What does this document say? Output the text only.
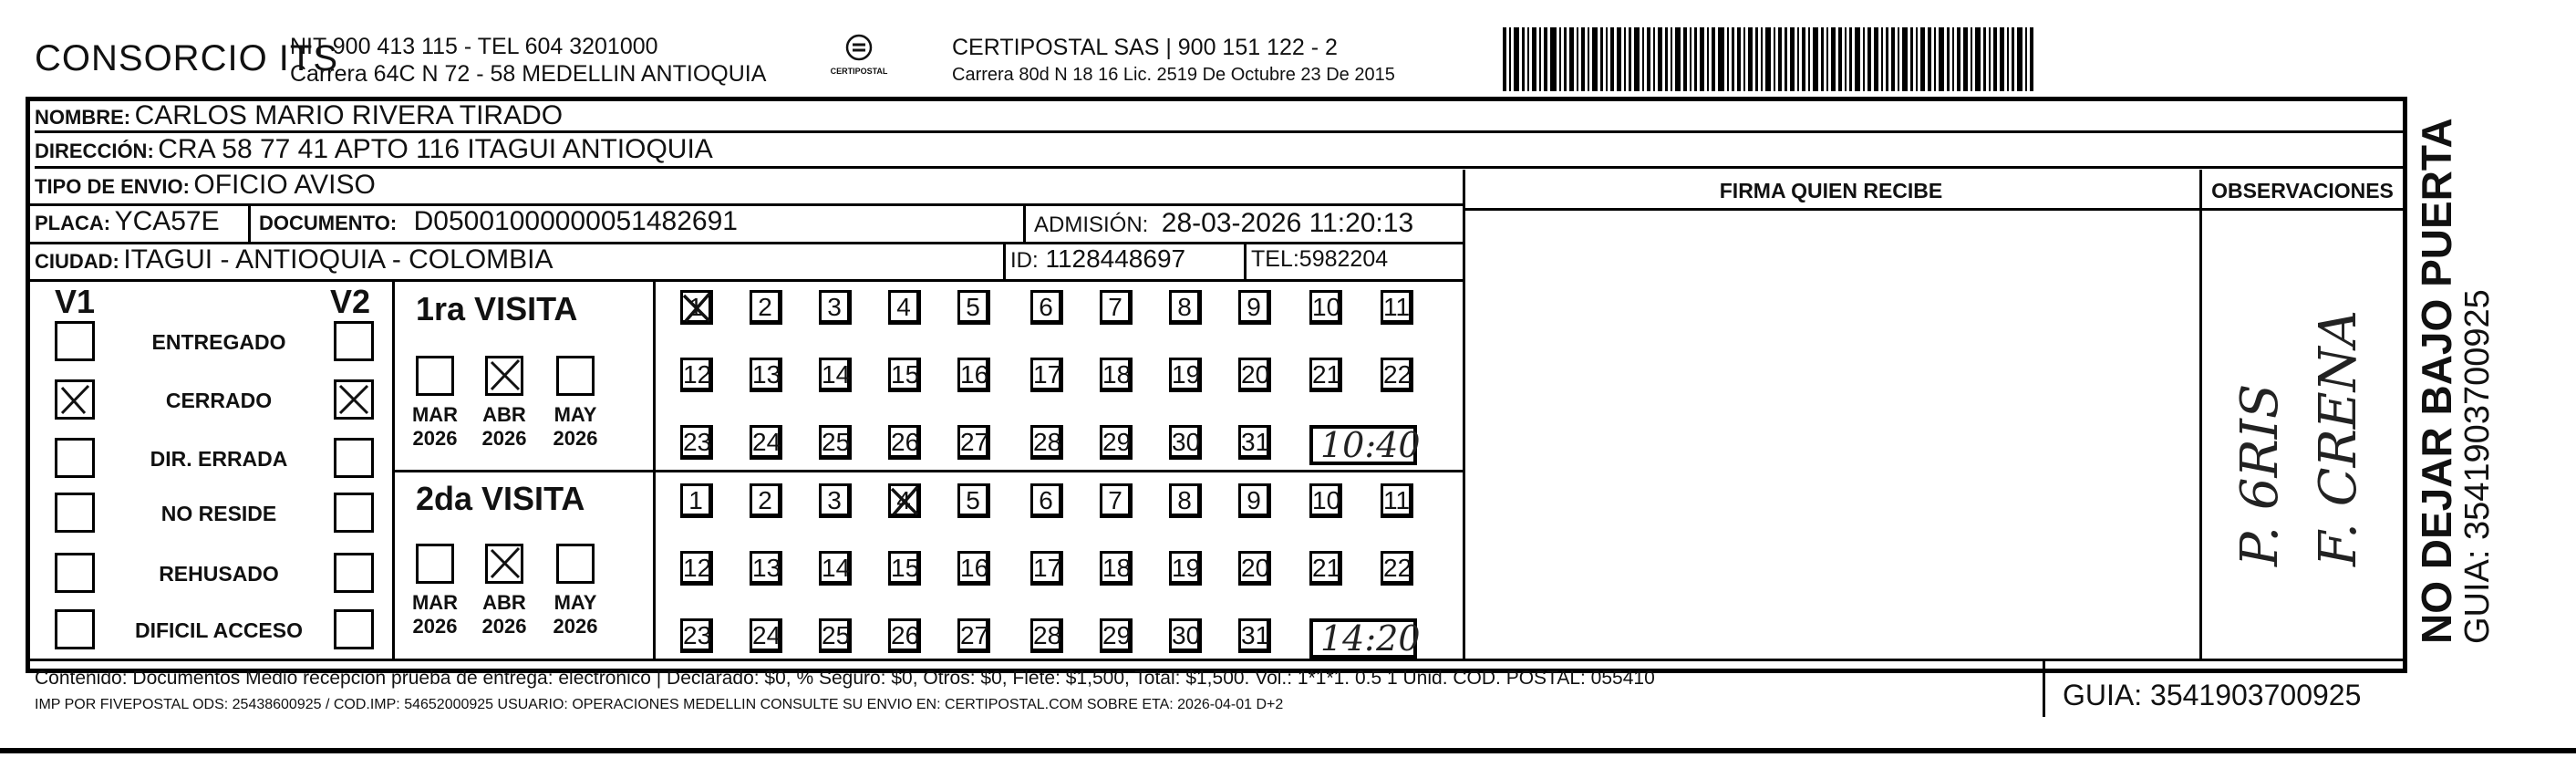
CONSORCIO ITS
NIT 900 413 115 - TEL 604 3201000
Carrera 64C N 72 - 58 MEDELLIN ANTIOQUIA	CERTIPOSTAL
CERTIPOSTAL SAS | 900 151 122 - 2
Carrera 80d N 18 16 Lic. 2519 De Octubre 23 De 2015
NOMBRE: CARLOS MARIO RIVERA TIRADO
DIRECCIÓN: CRA 58 77 41 APTO 116 ITAGUI ANTIOQUIA
TIPO DE ENVIO: OFICIO AVISO
PLACA: YCA57E DOCUMENTO: D05001000000051482691	ADMISIÓN: 28-03-2026 11:20:13
CIUDAD: ITAGUI - ANTIOQUIA - COLOMBIA	ID: 1128448697	TEL:5982204
FIRMA QUIEN RECIBE	OBSERVACIONES
P. 6RIS F. CRENA
V1	V2
ENTREGADO
CERRADO
DIR. ERRADA
NO RESIDE
REHUSADO
DIFICIL ACCESO
1ra VISITA
MAR
2026
ABR
2026
MAY
2026
1	2	3	4	5	6	7	8	9	10 11
12 13 14 15 16 17 18 19 20 21 22
23 24 25 26 27 28 29 30 31 10:40
2da VISITA
MAR
2026
ABR
2026
MAY
2026
1	2	3	4	5	6	7	8	9	10 11
12 13 14 15 16 17 18 19 20 21 22
23 24 25 26 27 28 29 30 31 14:20
Contenido: Documentos Medio recepción prueba de entrega: electrónico | Declarado: $0, % Seguro: $0, Otros: $0, Flete: $1,500, Total: $1,500. Vol.: 1*1*1. 0.5 1 Unid. COD. POSTAL: 055410
IMP POR FIVEPOSTAL ODS: 25438600925 / COD.IMP: 54652000925 USUARIO: OPERACIONES MEDELLIN CONSULTE SU ENVIO EN: CERTIPOSTAL.COM SOBRE ETA: 2026-04-01 D+2	GUIA: 3541903700925
NO DEJAR BAJO PUERTA
GUIA: 3541903700925
